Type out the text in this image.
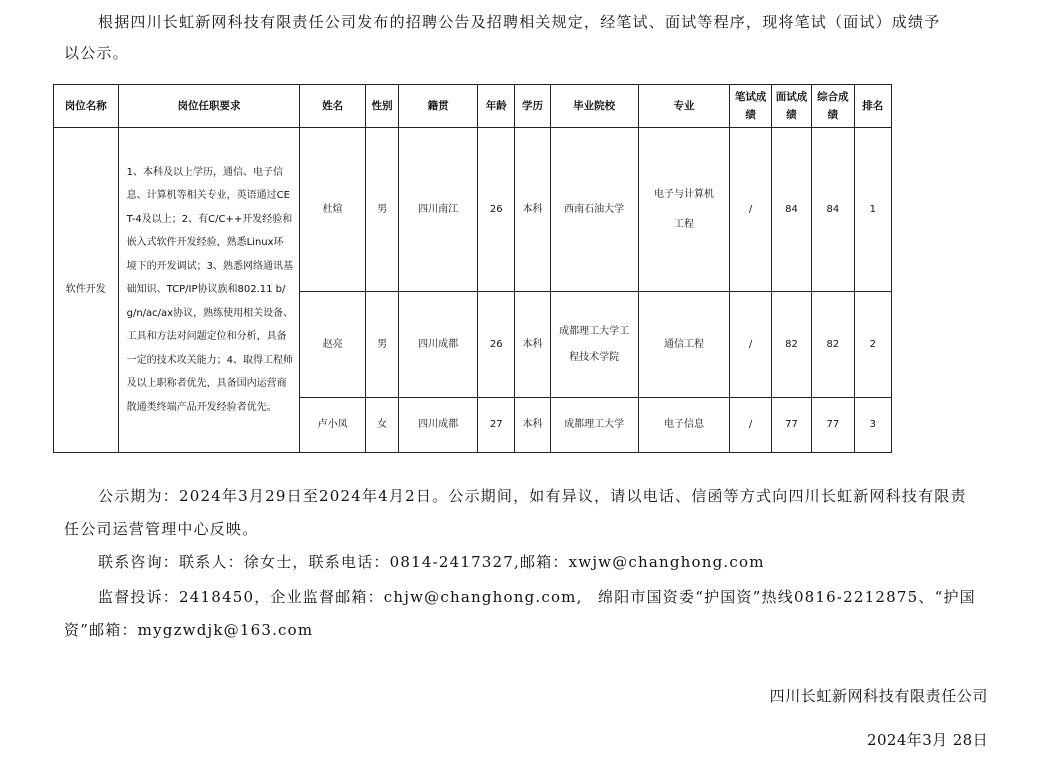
根据四川长虹新网科技有限责任公司发布的招聘公告及招聘相关规定，经笔试、面试等程序，现将笔试（面试）成绩予
以公示。
岗位名称	岗位任职要求	姓名	性别	籍贯	年龄	学历	毕业院校	专业	笔试成绩	面试成绩	综合成绩	排名
软件开发	1、本科及以上学历，通信、电子信息、计算机等相关专业，英语通过CET-4及以上；2、有C/C++开发经验和嵌入式软件开发经验，熟悉Linux环境下的开发调试；3、熟悉网络通讯基础知识、TCP/IP协议族和802.11 b/g/n/ac/ax协议，熟练使用相关设备、工具和方法对问题定位和分析，具备一定的技术攻关能力；4、取得工程师及以上职称者优先，具备国内运营商散通类终端产品开发经验者优先。	杜煊	男	四川南江	26	本科	西南石油大学	电子与计算机工程	/	84	84	1
		赵亮	男	四川成都	26	本科	成都理工大学工程技术学院	通信工程	/	82	82	2
		卢小凤	女	四川成都	27	本科	成都理工大学	电子信息	/	77	77	3
公示期为：2024年3月29日至2024年4月2日。公示期间，如有异议，请以电话、信函等方式向四川长虹新网科技有限责
任公司运营管理中心反映。
联系咨询：联系人：徐女士，联系电话：0814-2417327,邮箱：xwjw@changhong.com
监督投诉：2418450，企业监督邮箱：chjw@changhong.com, 绵阳市国资委“护国资”热线0816-2212875、“护国
资”邮箱：mygzwdjk@163.com
四川长虹新网科技有限责任公司
2024年3月 28日
